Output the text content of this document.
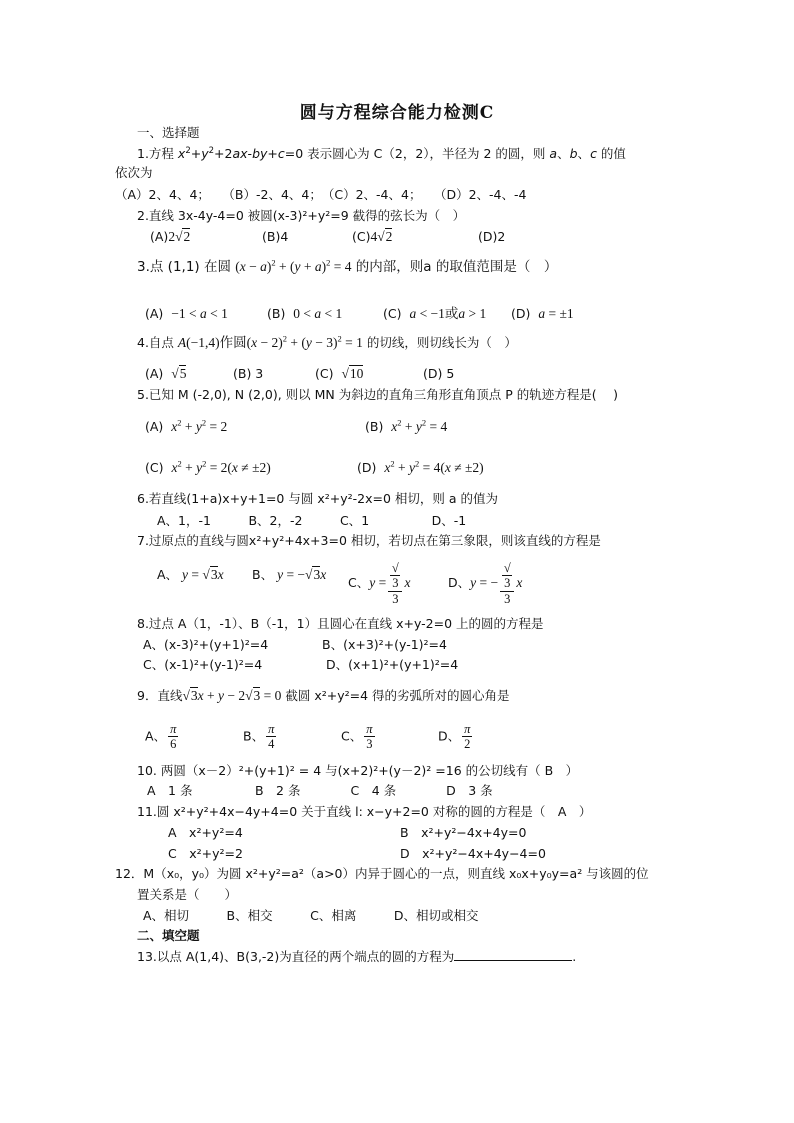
圆与方程综合能力检测C
一、选择题
1.方程 $x^2+y^2+2ax-by+c=0$ 表示圆心为 C（2，2），半径为 2 的圆，则 a、b、c 的值
依次为
（A）2、4、4；　　（B）-2、4、4；　（C）2、-4、4；　　（D）2、-4、-4
2.直线 3x-4y-4=0 被圆(x-3)²+y²=9 截得的弦长为（　）
(A)2√2	(B)4	(C)4√2	(D)2
3.点 (1,1) 在圆 $(x - a)^2 + (y + a)^2 = 4$ 的内部，则a 的取值范围是（　）
(A) −1 < a < 1	(B) 0 < a < 1	(C) a < −1或a > 1 (D) a = ±1
4.自点 A(−1,4)作圆$(x - 2)^2 + (y - 3)^2 = 1$ 的切线，则切线长为（　）
(A) √5	(B) 3	(C) √10	(D) 5
5.已知 M (-2,0), N (2,0), 则以 MN 为斜边的直角三角形直角顶点 P 的轨迹方程是(　 )
(A) $x^2 + y^2 = 2$	(B) $x^2 + y^2 = 4$
(C) $x^2 + y^2 = 2(x \ne \pm 2)$	(D) $x^2 + y^2 = 4(x \ne \pm 2)$
6.若直线(1+a)x+y+1=0 与圆 x²+y²-2x=0 相切，则 a 的值为
A、1，-1　　　B、2，-2　　　C、1　　　　　D、-1
7.过原点的直线与圆x²+y²+4x+3=0 相切，若切点在第三象限，则该直线的方程是
A、 y = √3x B、 y = −√3x
C、y = √
3
3 x	D、y = − √
3
3 x
8.过点 A（1，-1）、B（-1，1）且圆心在直线 x+y-2=0 上的圆的方程是
A、(x-3)²+(y+1)²=4	B、(x+3)²+(y-1)²=4
C、(x-1)²+(y-1)²=4	D、(x+1)²+(y+1)²=4
9．直线√3x + y − 2√3 = 0 截圆 x²+y²=4 得的劣弧所对的圆心角是
A、 $\frac{\pi}{6}$	B、 $\frac{\pi}{4}$	C、 $\frac{\pi}{3}$	D、 $\frac{\pi}{2}$
10. 两圆（x－2）²+(y+1)² = 4 与(x+2)²+(y－2)² =16 的公切线有（ B　）
A　1 条　　　　　B　2 条　　　　C　4 条　　　　D　3 条
11.圆 x²+y²+4x−4y+4=0 关于直线 l: x−y+2=0 对称的圆的方程是（　A　）
A　x²+y²=4	B　x²+y²−4x+4y=0
C　x²+y²=2	D　x²+y²−4x+4y−4=0
12．M（x₀，y₀）为圆 x²+y²=a²（a>0）内异于圆心的一点，则直线 x₀x+y₀y=a² 与该圆的位
置关系是（　　）
A、相切　　　B、相交　　　C、相离　　　D、相切或相交
二、填空题
13.以点 A(1,4)、B(3,-2)为直径的两个端点的圆的方程为	.
